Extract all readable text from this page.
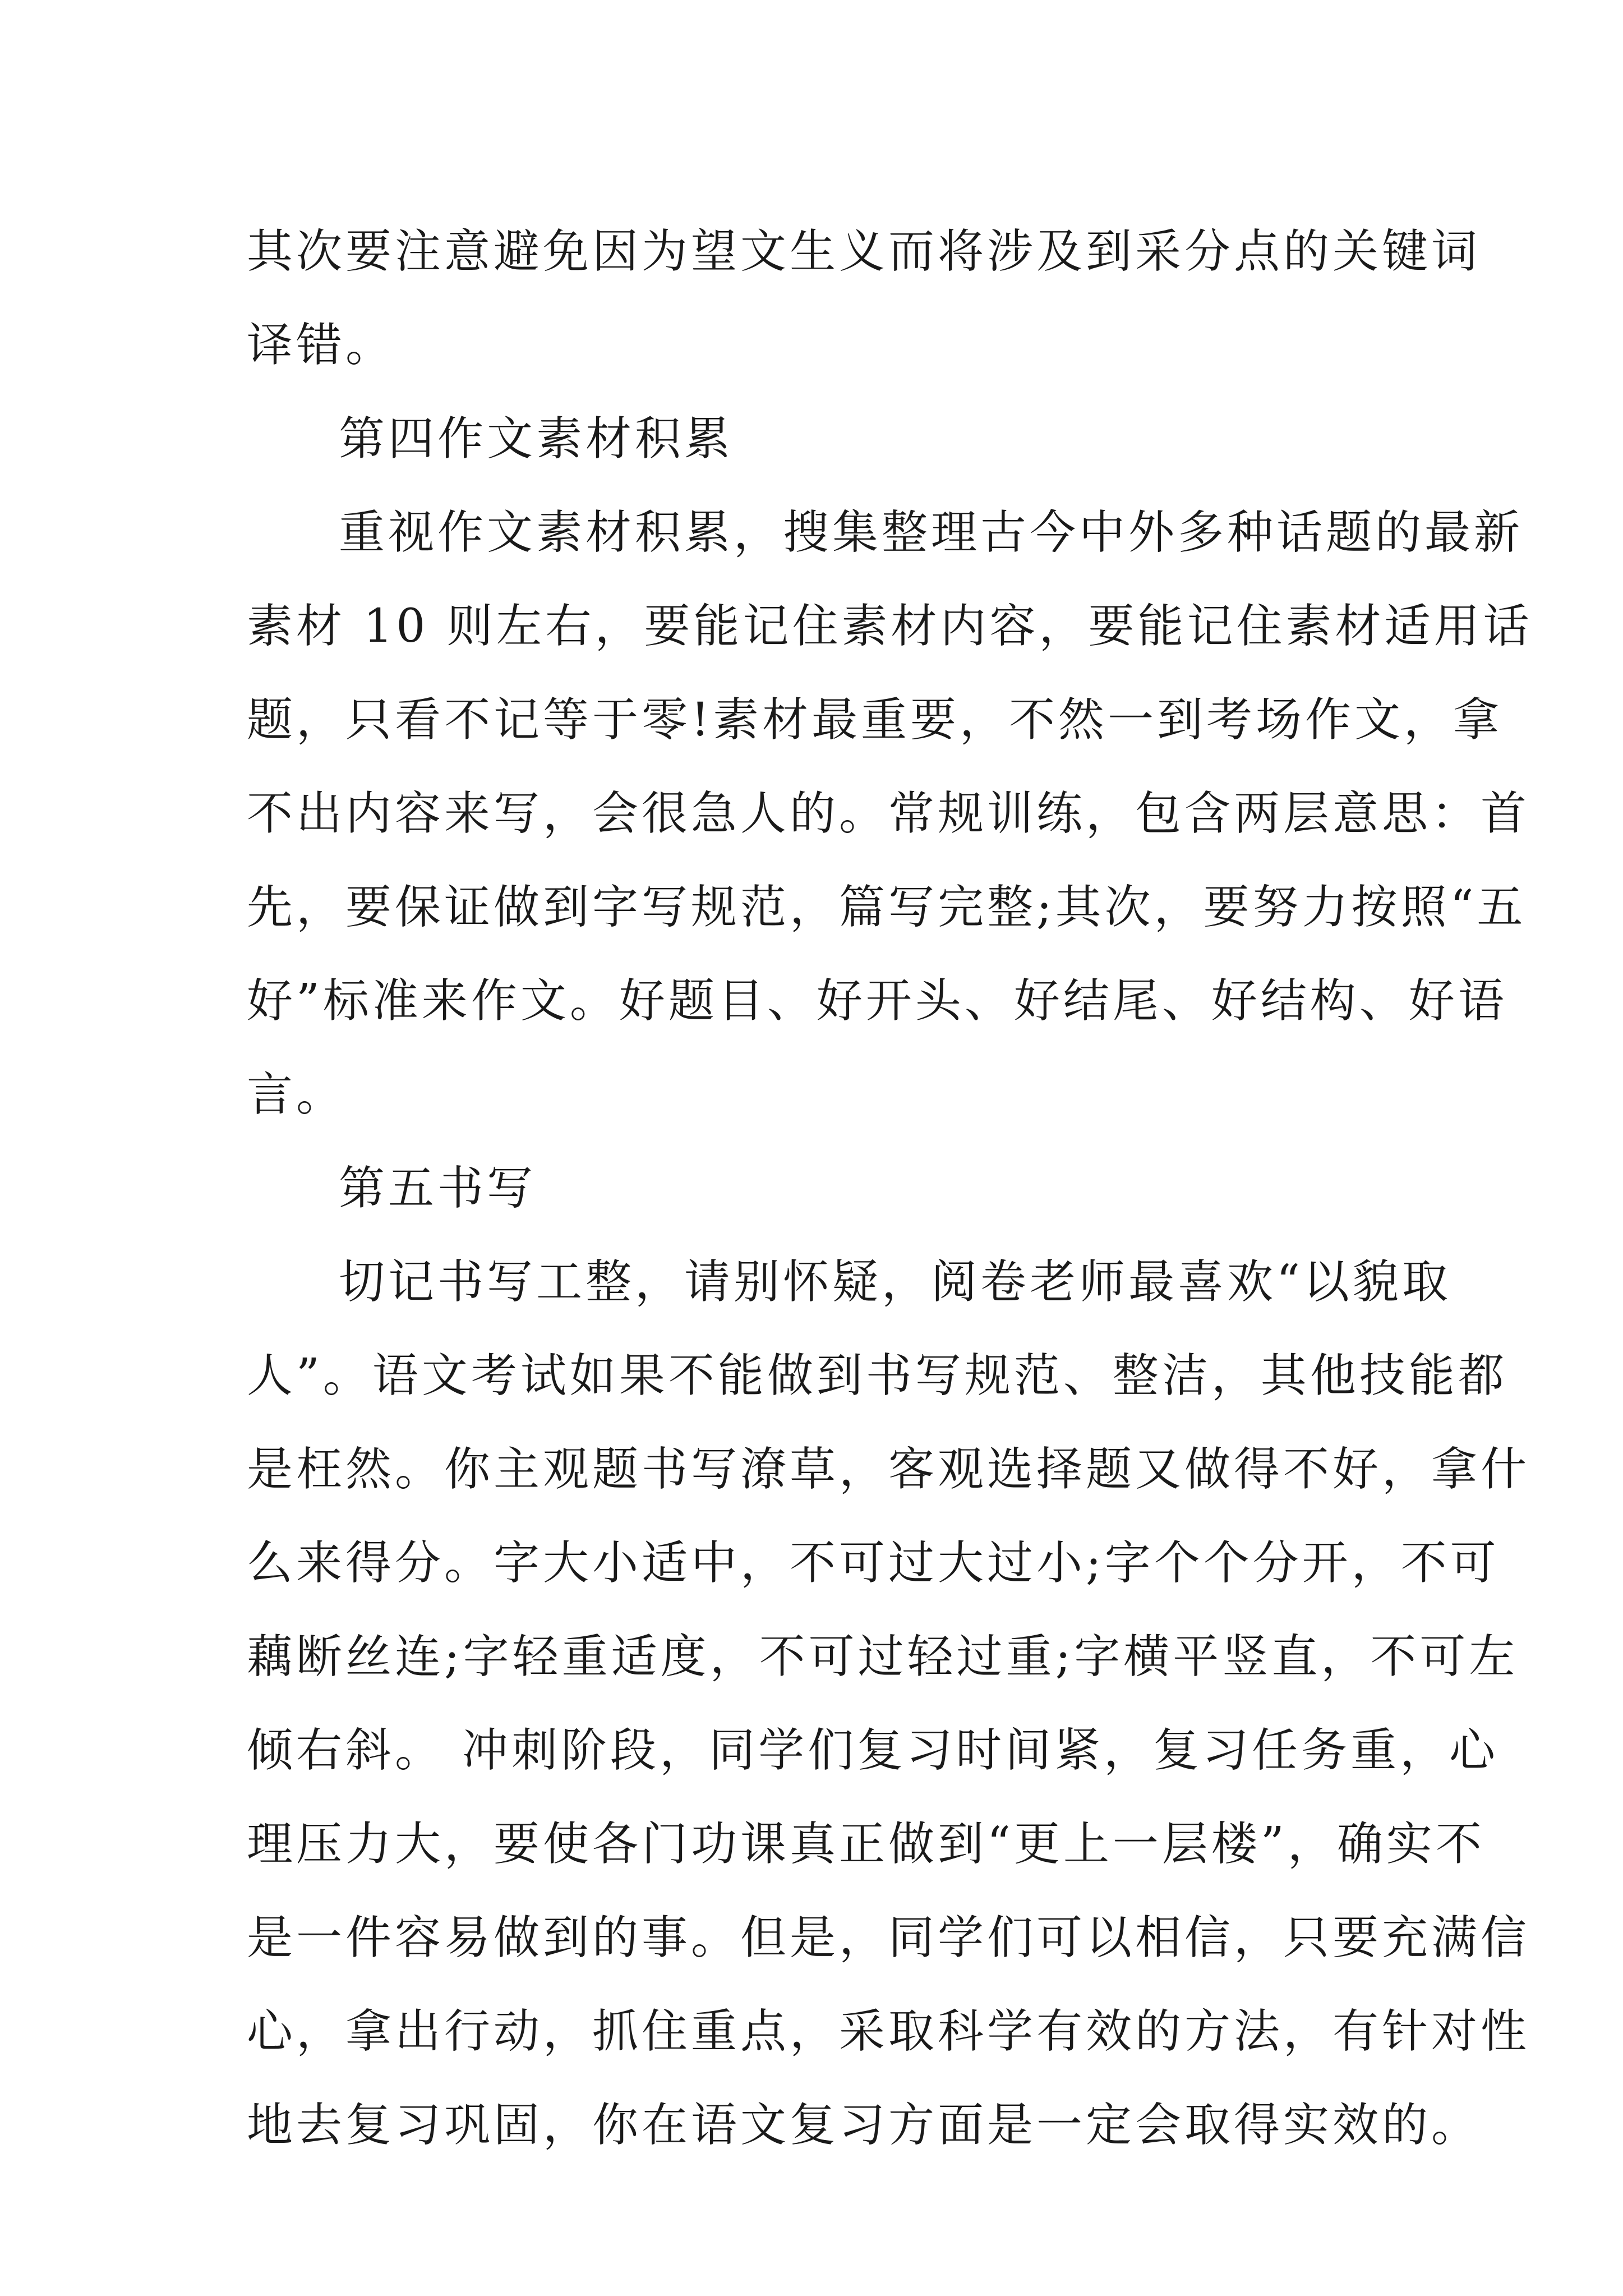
其次要注意避免因为望文生义而将涉及到采分点的关键词
译错。
第四作文素材积累
重视作文素材积累，搜集整理古今中外多种话题的最新
素材 10 则左右，要能记住素材内容，要能记住素材适用话
题，只看不记等于零!素材最重要，不然一到考场作文，拿
不出内容来写，会很急人的。常规训练，包含两层意思：首
先，要保证做到字写规范，篇写完整;其次，要努力按照“五
好”标准来作文。好题目、好开头、好结尾、好结构、好语
言。
第五书写
切记书写工整，请别怀疑，阅卷老师最喜欢“以貌取
人”。语文考试如果不能做到书写规范、整洁，其他技能都
是枉然。你主观题书写潦草，客观选择题又做得不好，拿什
么来得分。字大小适中，不可过大过小;字个个分开，不可
藕断丝连;字轻重适度，不可过轻过重;字横平竖直，不可左
倾右斜。 冲刺阶段，同学们复习时间紧，复习任务重，心
理压力大，要使各门功课真正做到“更上一层楼”，确实不
是一件容易做到的事。但是，同学们可以相信，只要充满信
心，拿出行动，抓住重点，采取科学有效的方法，有针对性
地去复习巩固，你在语文复习方面是一定会取得实效的。
